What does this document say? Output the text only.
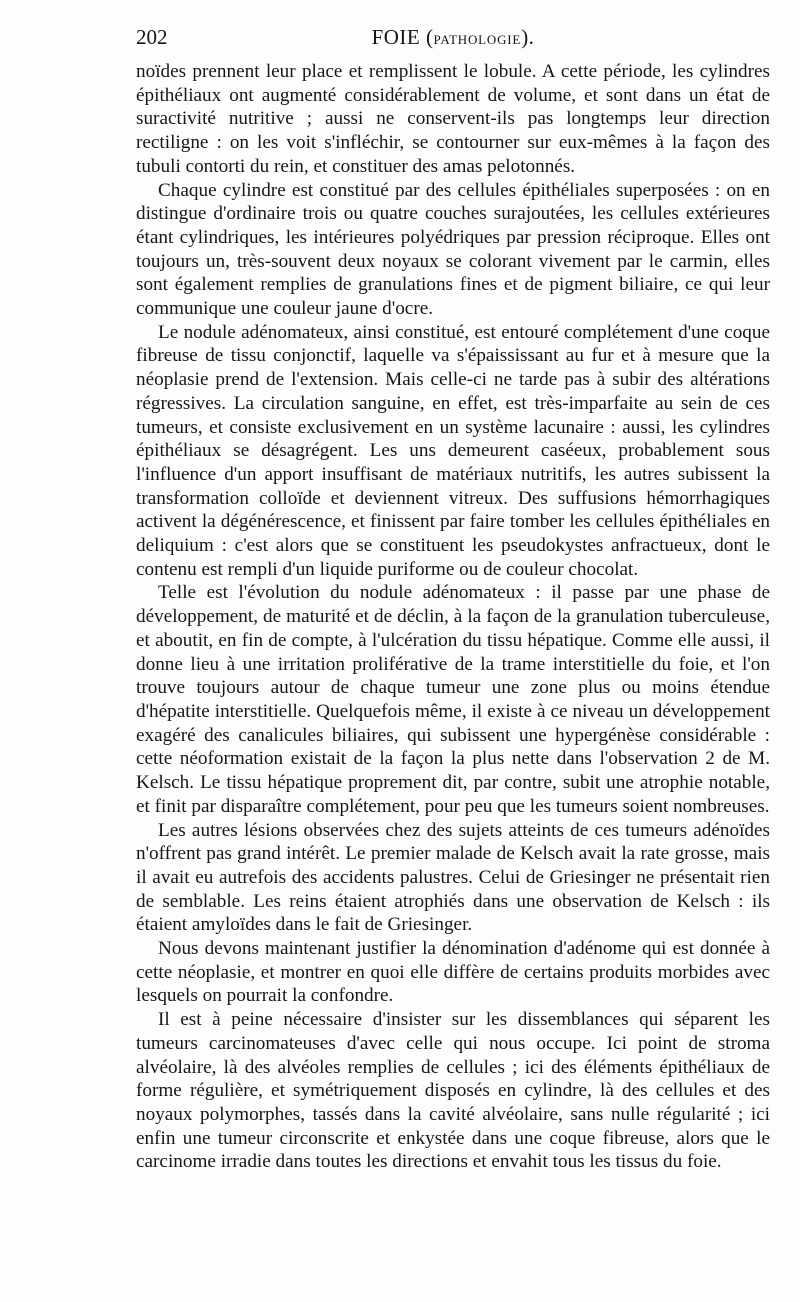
202	FOIE (PATHOLOGIE).

noïdes prennent leur place et remplissent le lobule. A cette période, les cylindres épithéliaux ont augmenté considérablement de volume, et sont dans un état de suractivité nutritive ; aussi ne conservent-ils pas longtemps leur direction rectiligne : on les voit s'infléchir, se contourner sur eux-mêmes à la façon des tubuli contorti du rein, et constituer des amas pelotonnés.

Chaque cylindre est constitué par des cellules épithéliales superposées : on en distingue d'ordinaire trois ou quatre couches surajoutées, les cellules extérieures étant cylindriques, les intérieures polyédriques par pression réciproque. Elles ont toujours un, très-souvent deux noyaux se colorant vivement par le carmin, elles sont également remplies de granulations fines et de pigment biliaire, ce qui leur communique une couleur jaune d'ocre.

Le nodule adénomateux, ainsi constitué, est entouré complétement d'une coque fibreuse de tissu conjonctif, laquelle va s'épaississant au fur et à mesure que la néoplasie prend de l'extension. Mais celle-ci ne tarde pas à subir des altérations régressives. La circulation sanguine, en effet, est très-imparfaite au sein de ces tumeurs, et consiste exclusivement en un système lacunaire : aussi, les cylindres épithéliaux se désagrégent. Les uns demeurent caséeux, probablement sous l'influence d'un apport insuffisant de matériaux nutritifs, les autres subissent la transformation colloïde et deviennent vitreux. Des suffusions hémorrhagiques activent la dégénérescence, et finissent par faire tomber les cellules épithéliales en deliquium : c'est alors que se constituent les pseudokystes anfractueux, dont le contenu est rempli d'un liquide puriforme ou de couleur chocolat.

Telle est l'évolution du nodule adénomateux : il passe par une phase de développement, de maturité et de déclin, à la façon de la granulation tuberculeuse, et aboutit, en fin de compte, à l'ulcération du tissu hépatique. Comme elle aussi, il donne lieu à une irritation proliférative de la trame interstitielle du foie, et l'on trouve toujours autour de chaque tumeur une zone plus ou moins étendue d'hépatite interstitielle. Quelquefois même, il existe à ce niveau un développement exagéré des canalicules biliaires, qui subissent une hypergénèse considérable : cette néoformation existait de la façon la plus nette dans l'observation 2 de M. Kelsch. Le tissu hépatique proprement dit, par contre, subit une atrophie notable, et finit par disparaître complétement, pour peu que les tumeurs soient nombreuses.

Les autres lésions observées chez des sujets atteints de ces tumeurs adénoïdes n'offrent pas grand intérêt. Le premier malade de Kelsch avait la rate grosse, mais il avait eu autrefois des accidents palustres. Celui de Griesinger ne présentait rien de semblable. Les reins étaient atrophiés dans une observation de Kelsch : ils étaient amyloïdes dans le fait de Griesinger.

Nous devons maintenant justifier la dénomination d'adénome qui est donnée à cette néoplasie, et montrer en quoi elle diffère de certains produits morbides avec lesquels on pourrait la confondre.

Il est à peine nécessaire d'insister sur les dissemblances qui séparent les tumeurs carcinomateuses d'avec celle qui nous occupe. Ici point de stroma alvéolaire, là des alvéoles remplies de cellules ; ici des éléments épithéliaux de forme régulière, et symétriquement disposés en cylindre, là des cellules et des noyaux polymorphes, tassés dans la cavité alvéolaire, sans nulle régularité ; ici enfin une tumeur circonscrite et enkystée dans une coque fibreuse, alors que le carcinome irradie dans toutes les directions et envahit tous les tissus du foie.
